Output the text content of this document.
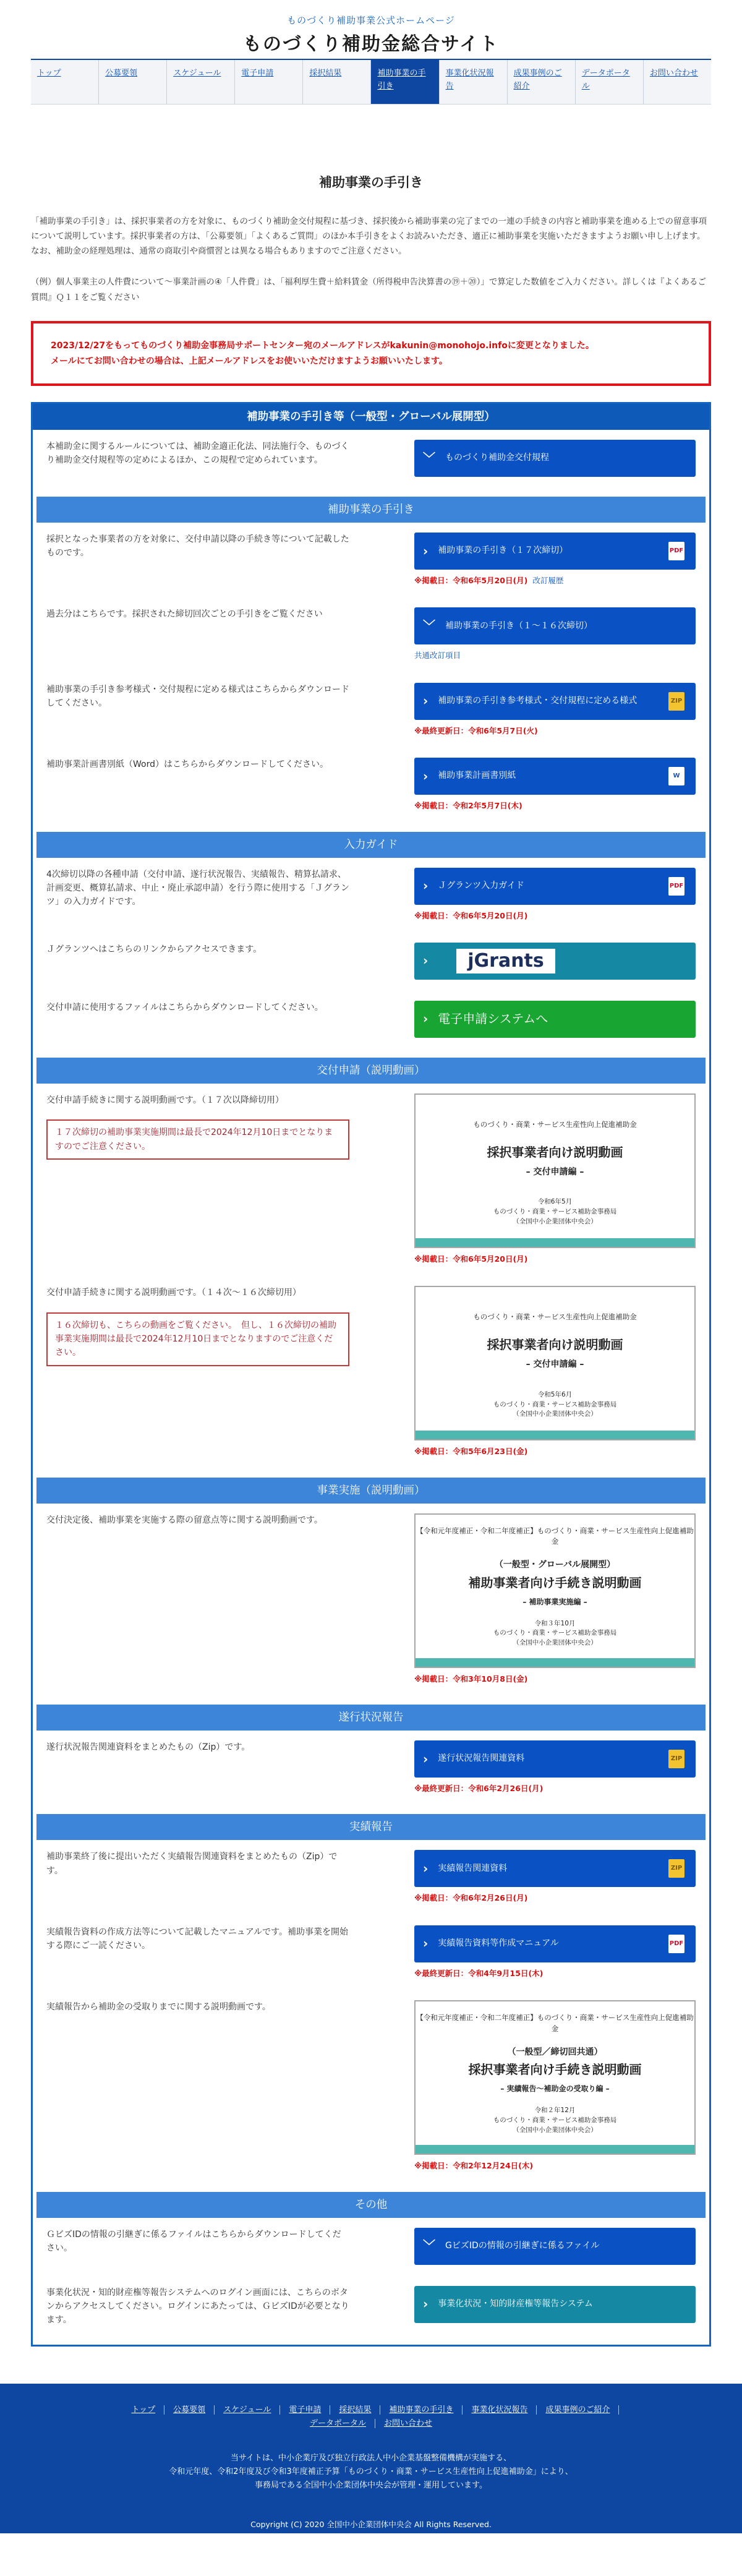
ものづくり補助事業公式ホームページ
ものづくり補助金総合サイト
トップ	公募要領	スケジュール	電子申請	採択結果	補助事業の手引き
事業化状況報告
成果事例のご紹介
データポータル
お問い合わせ
補助事業の手引き

「補助事業の手引き」は、採択事業者の方を対象に、ものづくり補助金交付規程に基づき、採択後から補助事業の完了までの一連の手続きの内容と補助事業を進める上での留意事項について説明しています。採択事業者の方は、「公募要領」「よくあるご質問」のほか本手引きをよくお読みいただき、適正に補助事業を実施いただきますようお願い申し上げます。　なお、補助金の経理処理は、通常の商取引や商慣習とは異なる場合もありますのでご注意ください。

（例）個人事業主の人件費について～事業計画の④「人件費」は、「福利厚生費＋給料賃金（所得税申告決算書の⑲＋⑳）」で算定した数値をご入力ください。詳しくは『よくあるご質問』Ｑ１１をご覧ください

2023/12/27をもってものづくり補助金事務局サポートセンター宛のメールアドレスがkakunin@monohojo.infoに変更となりました。
メールにてお問い合わせの場合は、上記メールアドレスをお使いいただけますようお願いいたします。
補助事業の手引き等（一般型・グローバル展開型）
本補助金に関するルールについては、補助金適正化法、同法施行令、ものづくり補助金交付規程等の定めによるほか、この規程で定められています。	﹀ ものづくり補助金交付規程
補助事業の手引き
採択となった事業者の方を対象に、交付申請以降の手続き等について記載したものです。	› 補助事業の手引き（１７次締切）	PDF
※掲載日：令和6年5月20日(月) 改訂履歴
過去分はこちらです。採択された締切回次ごとの手引きをご覧ください
﹀ 補助事業の手引き（１～１６次締切）
共通改訂項目
補助事業の手引き参考様式・交付規程に定める様式はこちらからダウンロードしてください。	› 補助事業の手引き参考様式・交付規程に定める様式	ZIP
※最終更新日：令和6年5月7日(火)
補助事業計画書別紙（Word）はこちらからダウンロードしてください。
› 補助事業計画書別紙	W
※掲載日：令和2年5月7日(木)
入力ガイド
4次締切以降の各種申請（交付申請、遂行状況報告、実績報告、精算払請求、計画変更、概算払請求、中止・廃止承認申請）を行う際に使用する「Ｊグランツ」の入力ガイドです。
› Ｊグランツ入力ガイド	PDF
※掲載日：令和6年5月20日(月)
Ｊグランツへはこちらのリンクからアクセスできます。
›	jGrants
交付申請に使用するファイルはこちらからダウンロードしてください。
› 電子申請システムへ
交付申請（説明動画）
交付申請手続きに関する説明動画です。（１７次以降締切用）
１７次締切の補助事業実施期間は最長で2024年12月10日までとなりますのでご注意ください。
ものづくり・商業・サービス生産性向上促進補助金
採択事業者向け説明動画
– 交付申請編 –
令和6年5月
ものづくり・商業・サービス補助金事務局
（全国中小企業団体中央会）
※掲載日：令和6年5月20日(月)
交付申請手続きに関する説明動画です。（１４次～１６次締切用）
１６次締切も、こちらの動画をご覧ください。　但し、１６次締切の補助事業実施期間は最長で2024年12月10日までとなりますのでご注意ください。
ものづくり・商業・サービス生産性向上促進補助金
採択事業者向け説明動画
– 交付申請編 –
令和5年6月
ものづくり・商業・サービス補助金事務局
（全国中小企業団体中央会）
※掲載日：令和5年6月23日(金)
事業実施（説明動画）
交付決定後、補助事業を実施する際の留意点等に関する説明動画です。
【令和元年度補正・令和二年度補正】ものづくり・商業・サービス生産性向上促進補助金
（一般型・グローバル展開型）
補助事業者向け手続き説明動画
– 補助事業実施編 –
令和３年10月
ものづくり・商業・サービス補助金事務局
（全国中小企業団体中央会）
※掲載日：令和3年10月8日(金)
遂行状況報告
遂行状況報告関連資料をまとめたもの（Zip）です。
› 遂行状況報告関連資料	ZIP
※最終更新日：令和6年2月26日(月)
実績報告
補助事業終了後に提出いただく実績報告関連資料をまとめたもの（Zip）です。	› 実績報告関連資料	ZIP
※掲載日：令和6年2月26日(月)
実績報告資料の作成方法等について記載したマニュアルです。補助事業を開始する際にご一読ください。	› 実績報告資料等作成マニュアル	PDF
※最終更新日：令和4年9月15日(木)
実績報告から補助金の受取りまでに関する説明動画です。
【令和元年度補正・令和二年度補正】ものづくり・商業・サービス生産性向上促進補助金
（一般型／締切回共通）
採択事業者向け手続き説明動画
– 実績報告～補助金の受取り編 –
令和２年12月
ものづくり・商業・サービス補助金事務局
（全国中小企業団体中央会）
※掲載日：令和2年12月24日(木)
その他
ＧビズIDの情報の引継ぎに係るファイルはこちらからダウンロードしてください。	﹀ GビズIDの情報の引継ぎに係るファイル
事業化状況・知的財産権等報告システムへのログイン画面には、こちらのボタンからアクセスしてください。ログインにあたっては、ＧビズIDが必要となります。
› 事業化状況・知的財産権等報告システム
トップ 公募要領 スケジュール 電子申請 採択結果 補助事業の手引き 事業化状況報告 成果事例のご紹介
データポータル お問い合わせ
当サイトは、中小企業庁及び独立行政法人中小企業基盤整備機構が実施する、
令和元年度、令和2年度及び令和3年度補正予算「ものづくり・商業・サービス生産性向上促進補助金」により、
事務局である全国中小企業団体中央会が管理・運用しています。
Copyright (C) 2020 全国中小企業団体中央会 All Rights Reserved.
